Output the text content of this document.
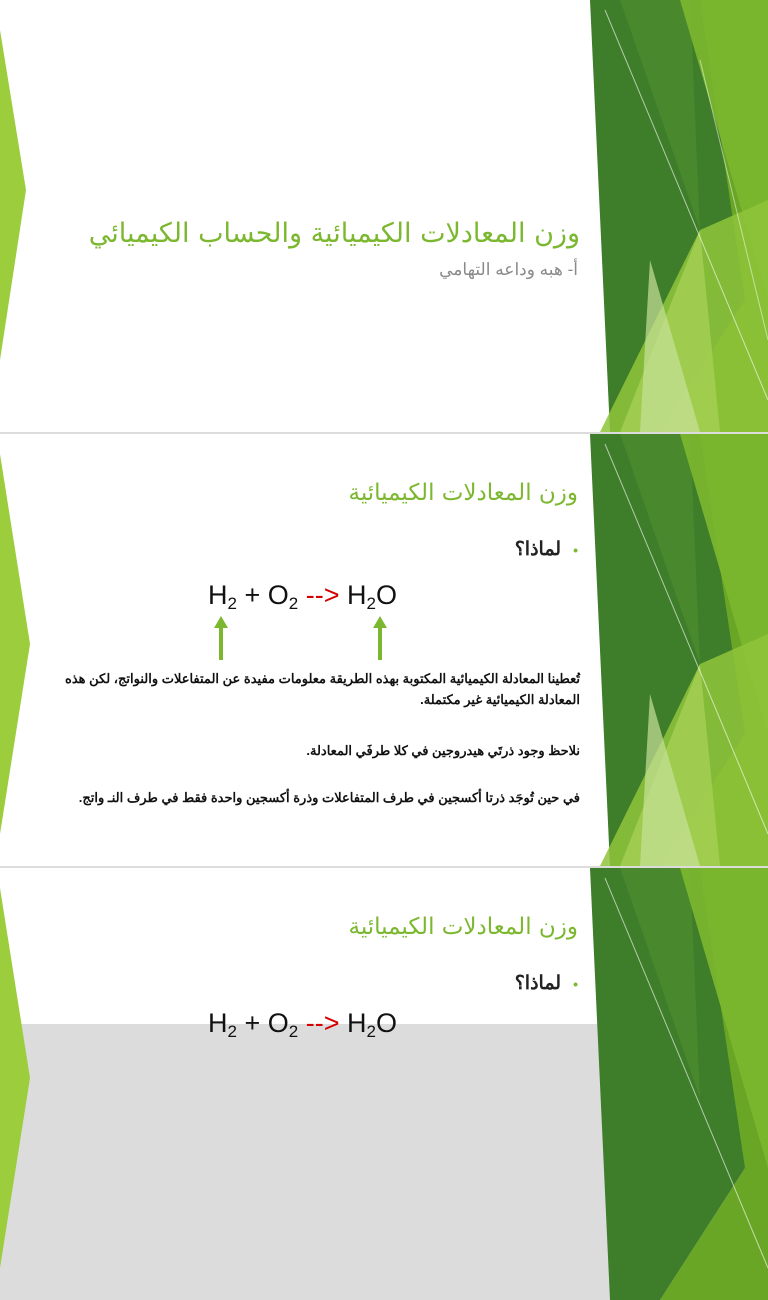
وزن المعادلات الكيميائية والحساب الكيميائي
أ- هبه وداعه التهامي
وزن المعادلات الكيميائية
•لماذا؟
$H_2 + O_2$ --> $H_2O$
تُعطينا المعادلة الكيميائية المكتوبة بهذه الطريقة معلومات مفيدة عن المتفاعلات والنواتج، لكن هذه المعادلة الكيميائية غير مكتملة.
نلاحظ وجود ذرتَي هيدروجين في كلا طرفَي المعادلة.
في حين تُوجَد ذرتا أكسجين في طرف المتفاعلات وذرة أكسجين واحدة فقط في طرف النـ واتج.
وزن المعادلات الكيميائية
•لماذا؟
$H_2 + O_2$ --> $H_2O$
